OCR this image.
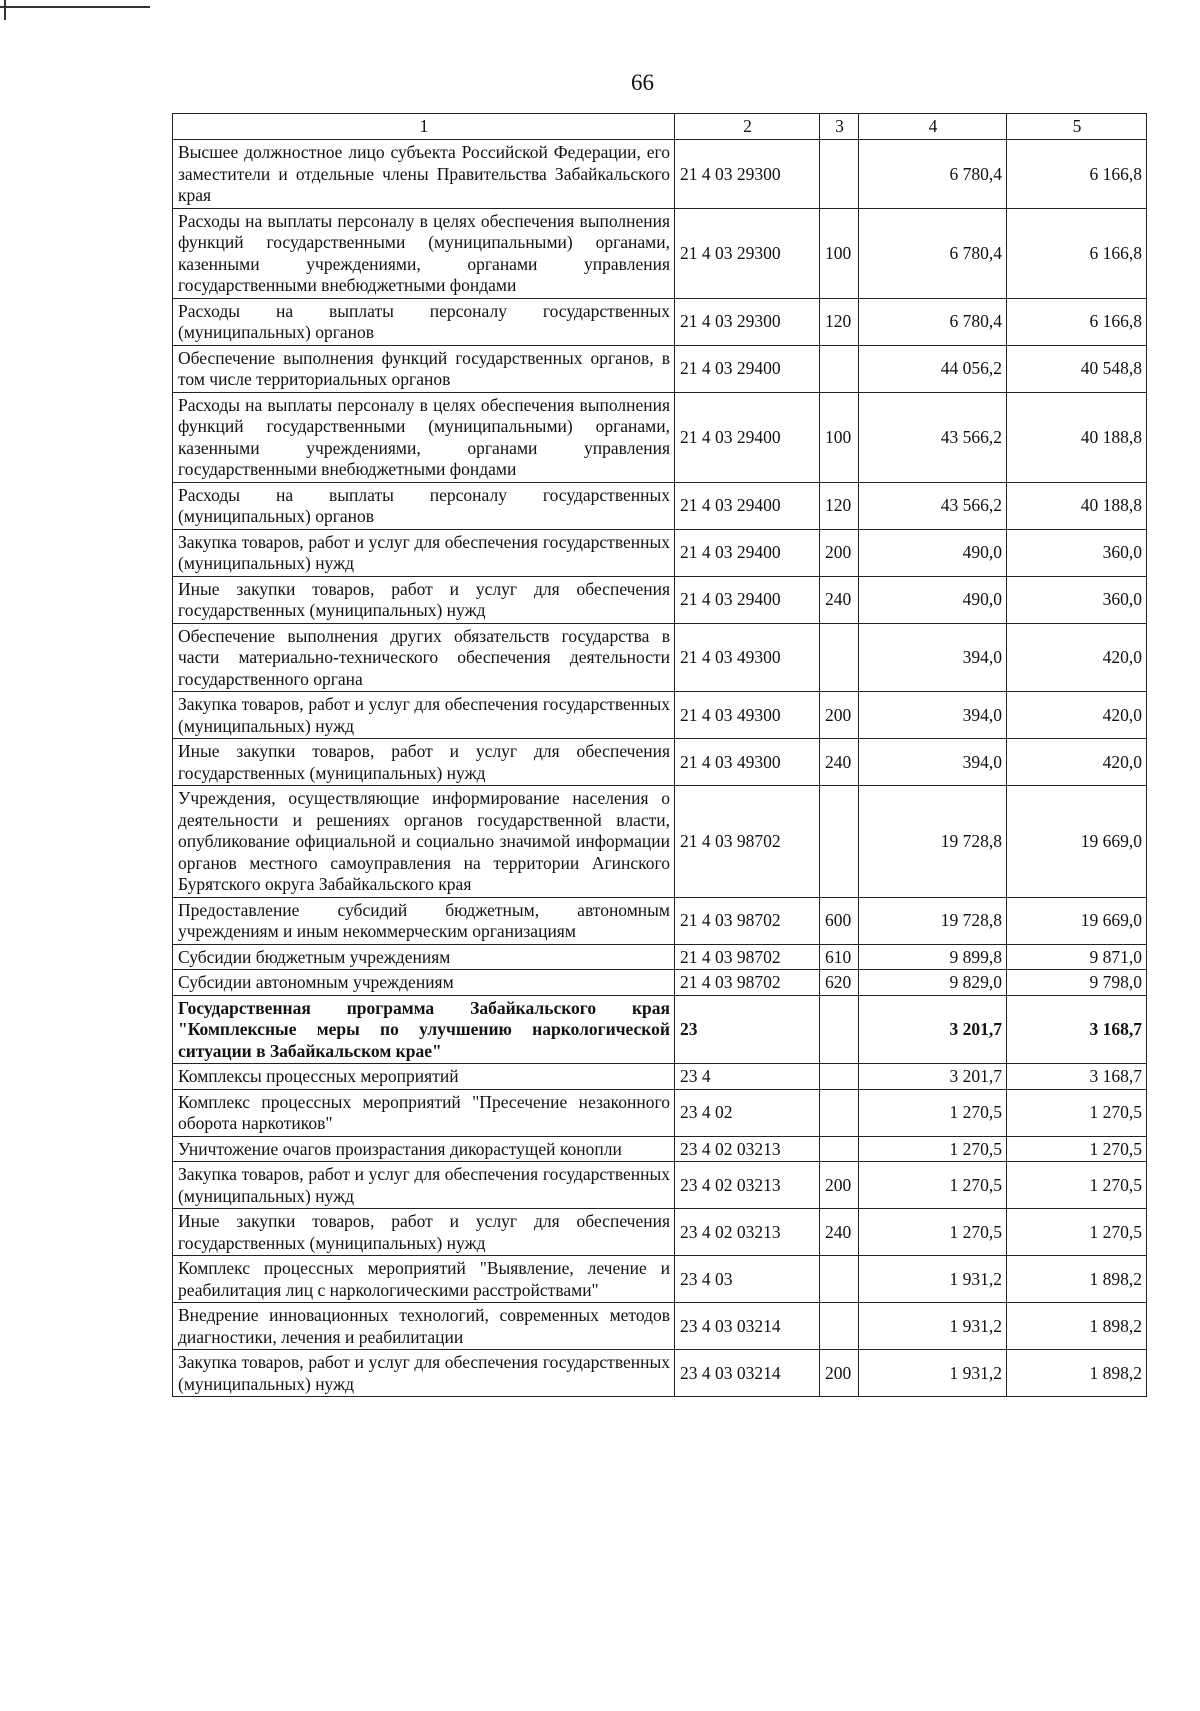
66
1	2	3	4	5
Высшее должностное лицо субъекта Российской Федерации, его заместители и отдельные члены Правительства Забайкальского края	21 4 03 29300		6 780,4	6 166,8
Расходы на выплаты персоналу в целях обеспечения выполнения функций государственными (муниципальными) органами, казенными учреждениями, органами управления государственными внебюджетными фондами	21 4 03 29300	100	6 780,4	6 166,8
Расходы на выплаты персоналу государственных (муниципальных) органов	21 4 03 29300	120	6 780,4	6 166,8
Обеспечение выполнения функций государственных органов, в том числе территориальных органов	21 4 03 29400		44 056,2	40 548,8
Расходы на выплаты персоналу в целях обеспечения выполнения функций государственными (муниципальными) органами, казенными учреждениями, органами управления государственными внебюджетными фондами	21 4 03 29400	100	43 566,2	40 188,8
Расходы на выплаты персоналу государственных (муниципальных) органов	21 4 03 29400	120	43 566,2	40 188,8
Закупка товаров, работ и услуг для обеспечения государственных (муниципальных) нужд	21 4 03 29400	200	490,0	360,0
Иные закупки товаров, работ и услуг для обеспечения государственных (муниципальных) нужд	21 4 03 29400	240	490,0	360,0
Обеспечение выполнения других обязательств государства в части материально-технического обеспечения деятельности государственного органа	21 4 03 49300		394,0	420,0
Закупка товаров, работ и услуг для обеспечения государственных (муниципальных) нужд	21 4 03 49300	200	394,0	420,0
Иные закупки товаров, работ и услуг для обеспечения государственных (муниципальных) нужд	21 4 03 49300	240	394,0	420,0
Учреждения, осуществляющие информирование населения о деятельности и решениях органов государственной власти, опубликование официальной и социально значимой информации органов местного самоуправления на территории Агинского Бурятского округа Забайкальского края	21 4 03 98702		19 728,8	19 669,0
Предоставление субсидий бюджетным, автономным учреждениям и иным некоммерческим организациям	21 4 03 98702	600	19 728,8	19 669,0
Субсидии бюджетным учреждениям	21 4 03 98702	610	9 899,8	9 871,0
Субсидии автономным учреждениям	21 4 03 98702	620	9 829,0	9 798,0
Государственная программа Забайкальского края "Комплексные меры по улучшению наркологической ситуации в Забайкальском крае"	23		3 201,7	3 168,7
Комплексы процессных мероприятий	23 4		3 201,7	3 168,7
Комплекс процессных мероприятий "Пресечение незаконного оборота наркотиков"	23 4 02		1 270,5	1 270,5
Уничтожение очагов произрастания дикорастущей конопли	23 4 02 03213		1 270,5	1 270,5
Закупка товаров, работ и услуг для обеспечения государственных (муниципальных) нужд	23 4 02 03213	200	1 270,5	1 270,5
Иные закупки товаров, работ и услуг для обеспечения государственных (муниципальных) нужд	23 4 02 03213	240	1 270,5	1 270,5
Комплекс процессных мероприятий "Выявление, лечение и реабилитация лиц с наркологическими расстройствами"	23 4 03		1 931,2	1 898,2
Внедрение инновационных технологий, современных методов диагностики, лечения и реабилитации	23 4 03 03214		1 931,2	1 898,2
Закупка товаров, работ и услуг для обеспечения государственных (муниципальных) нужд	23 4 03 03214	200	1 931,2	1 898,2
